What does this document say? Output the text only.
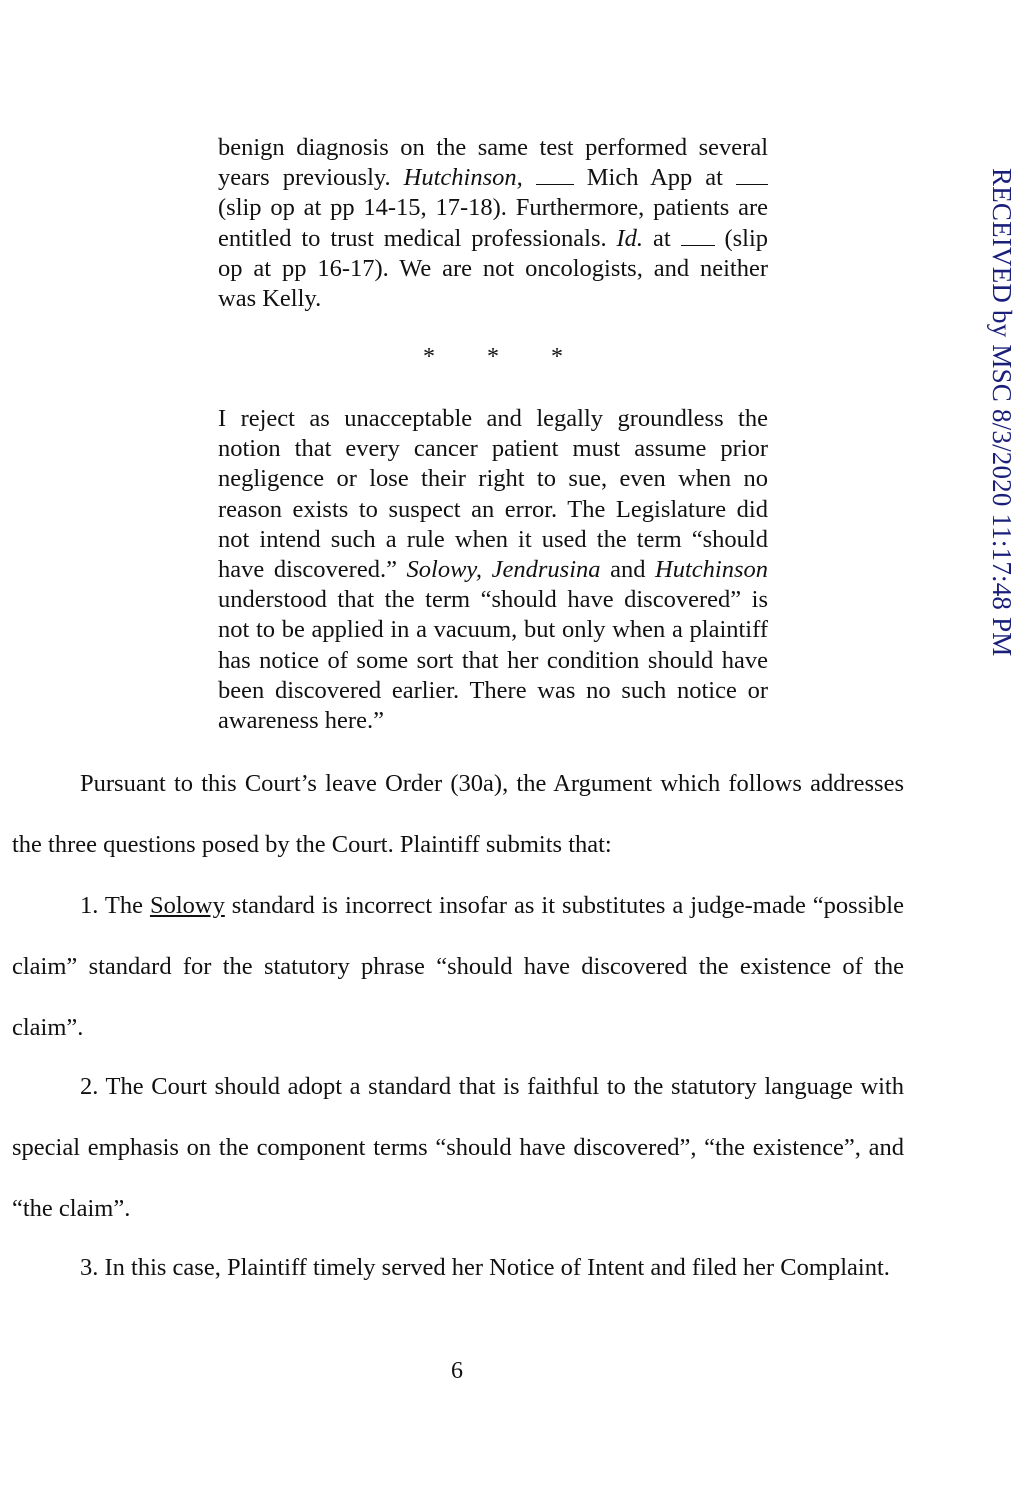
benign diagnosis on the same test performed several years previously. Hutchinson,  Mich App at  (slip op at pp 14-15, 17-18). Furthermore, patients are entitled to trust medical professionals. Id. at  (slip op at pp 16-17). We are not oncologists, and neither was Kelly.

* * *

I reject as unacceptable and legally groundless the notion that every cancer patient must assume prior negligence or lose their right to sue, even when no reason exists to suspect an error. The Legislature did not intend such a rule when it used the term “should have discovered.” Solowy, Jendrusina and Hutchinson understood that the term “should have discovered” is not to be applied in a vacuum, but only when a plaintiff has notice of some sort that her condition should have been discovered earlier. There was no such notice or awareness here.”

Pursuant to this Court’s leave Order (30a), the Argument which follows addresses the three questions posed by the Court. Plaintiff submits that:

1. The Solowy standard is incorrect insofar as it substitutes a judge-made “possible claim” standard for the statutory phrase “should have discovered the existence of the claim”.

2. The Court should adopt a standard that is faithful to the statutory language with special emphasis on the component terms “should have discovered”, “the existence”, and “the claim”.

3. In this case, Plaintiff timely served her Notice of Intent and filed her Complaint.

RECEIVED by MSC 8/3/2020 11:17:48 PM
6
